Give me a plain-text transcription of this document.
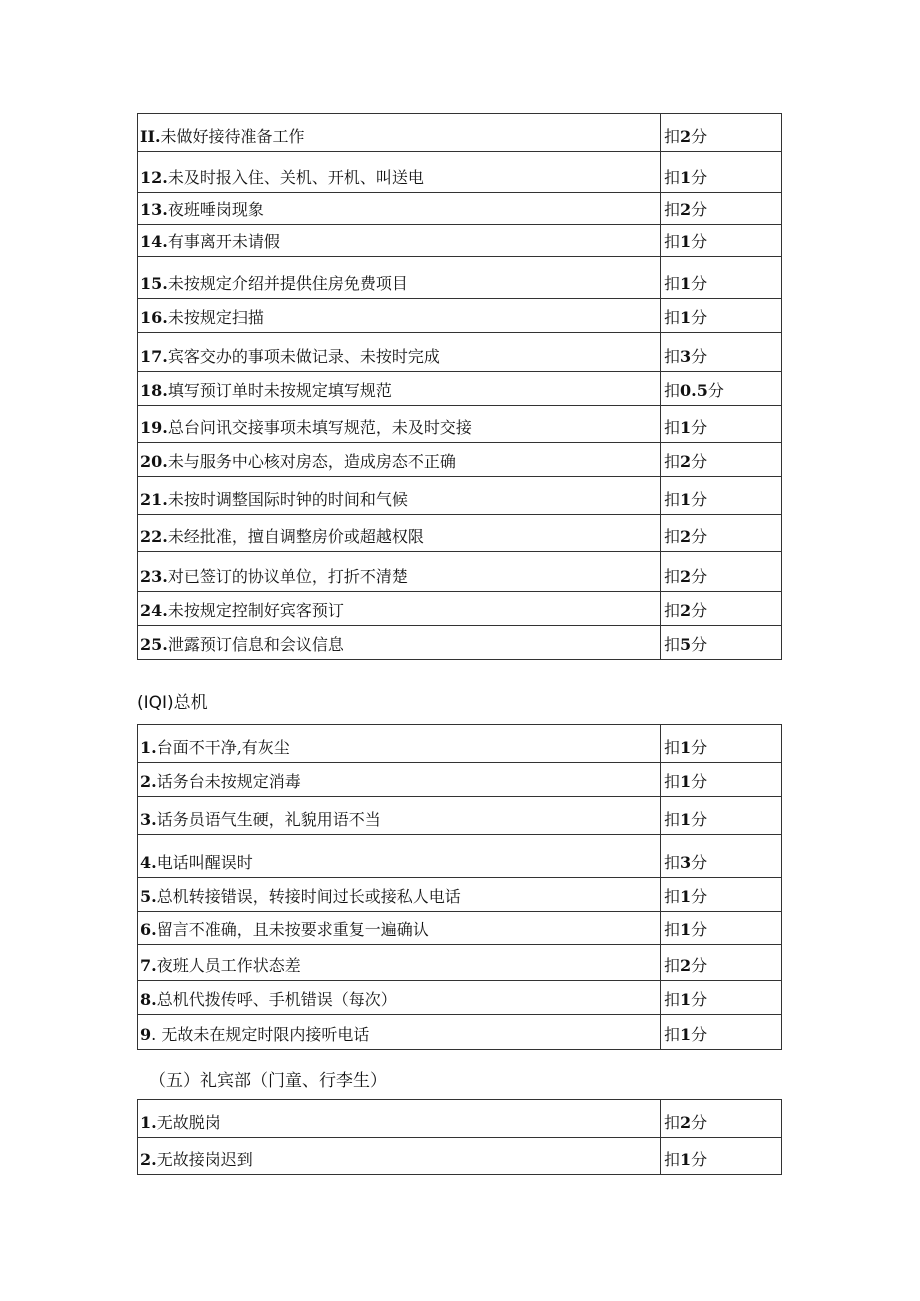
II.未做好接待准备工作	扣2分
12.未及时报入住、关机、开机、叫送电	扣1分
13.夜班唾岗现象	扣2分
14.有事离开未请假	扣1分
15.未按规定介绍并提供住房免费项目	扣1分
16.未按规定扫描	扣1分
17.宾客交办的事项未做记录、未按时完成	扣3分
18.填写预订单时未按规定填写规范	扣0.5分
19.总台问讯交接事项未填写规范，未及时交接	扣1分
20.未与服务中心核对房态，造成房态不正确	扣2分
21.未按时调整国际时钟的时间和气候	扣1分
22.未经批准，擅自调整房价或超越权限	扣2分
23.对已签订的协议单位，打折不清楚	扣2分
24.未按规定控制好宾客预订	扣2分
25.泄露预订信息和会议信息	扣5分
(IQI)总机
1.台面不干净,有灰尘	扣1分
2.话务台未按规定消毒	扣1分
3.话务员语气生硬，礼貌用语不当	扣1分
4.电话叫醒误时	扣3分
5.总机转接错误，转接时间过长或接私人电话	扣1分
6.留言不准确，且未按要求重复一遍确认	扣1分
7.夜班人员工作状态差	扣2分
8.总机代拨传呼、手机错误（每次）	扣1分
9. 无故未在规定时限内接听电话	扣1分
（五）礼宾部（门童、行李生）
1.无故脱岗	扣2分
2.无故接岗迟到	扣1分
